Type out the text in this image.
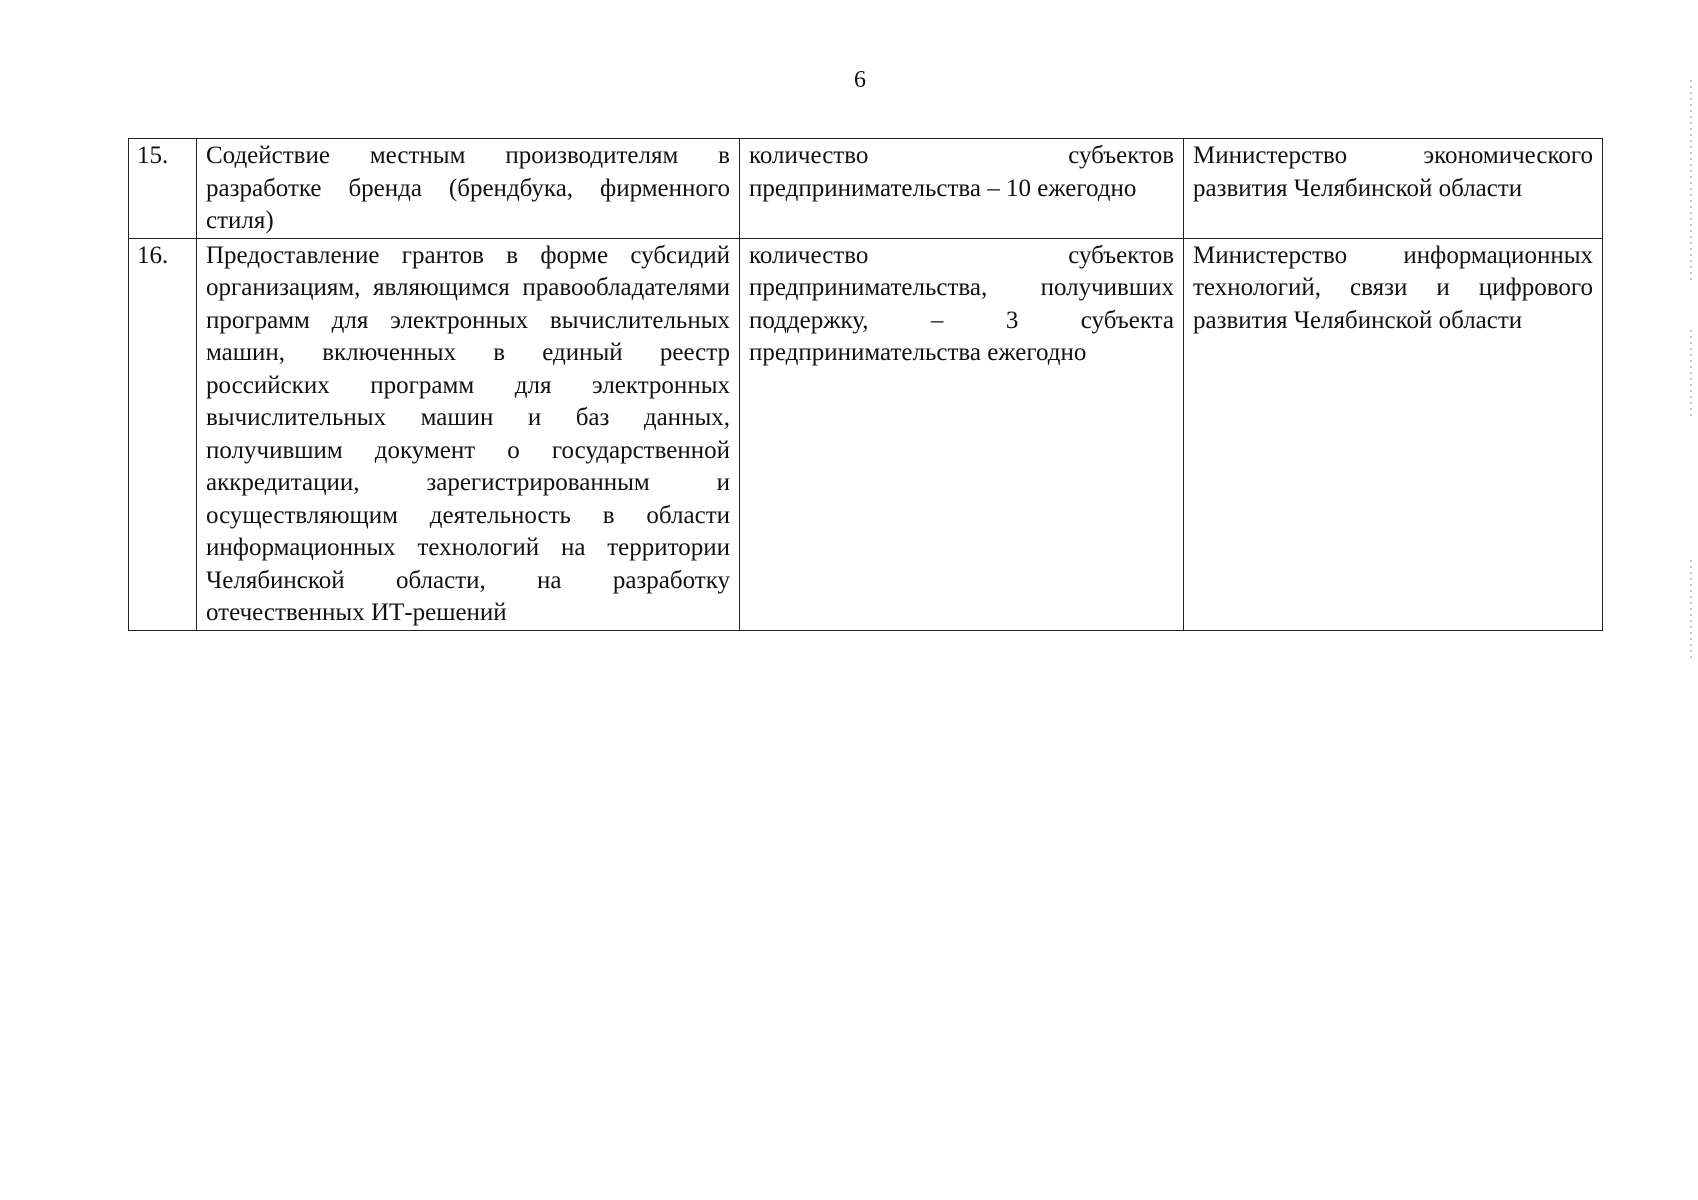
6
15.	Содействие местным производителям в разработке бренда (брендбука, фирменного стиля)	количество субъектов предпринимательства – 10 ежегодно	Министерство экономического развития Челябинской области
16.	Предоставление грантов в форме субсидий организациям, являющимся правообладателями программ для электронных вычислительных машин, включенных в единый реестр российских программ для электронных вычислительных машин и баз данных, получившим документ о государственной аккредитации, зарегистрированным и осуществляющим деятельность в области информационных технологий на территории Челябинской области, на разработку отечественных ИТ-решений	количество субъектов предпринимательства, получивших поддержку, – 3 субъекта предпринимательства ежегодно	Министерство информационных технологий, связи и цифрового развития Челябинской области
